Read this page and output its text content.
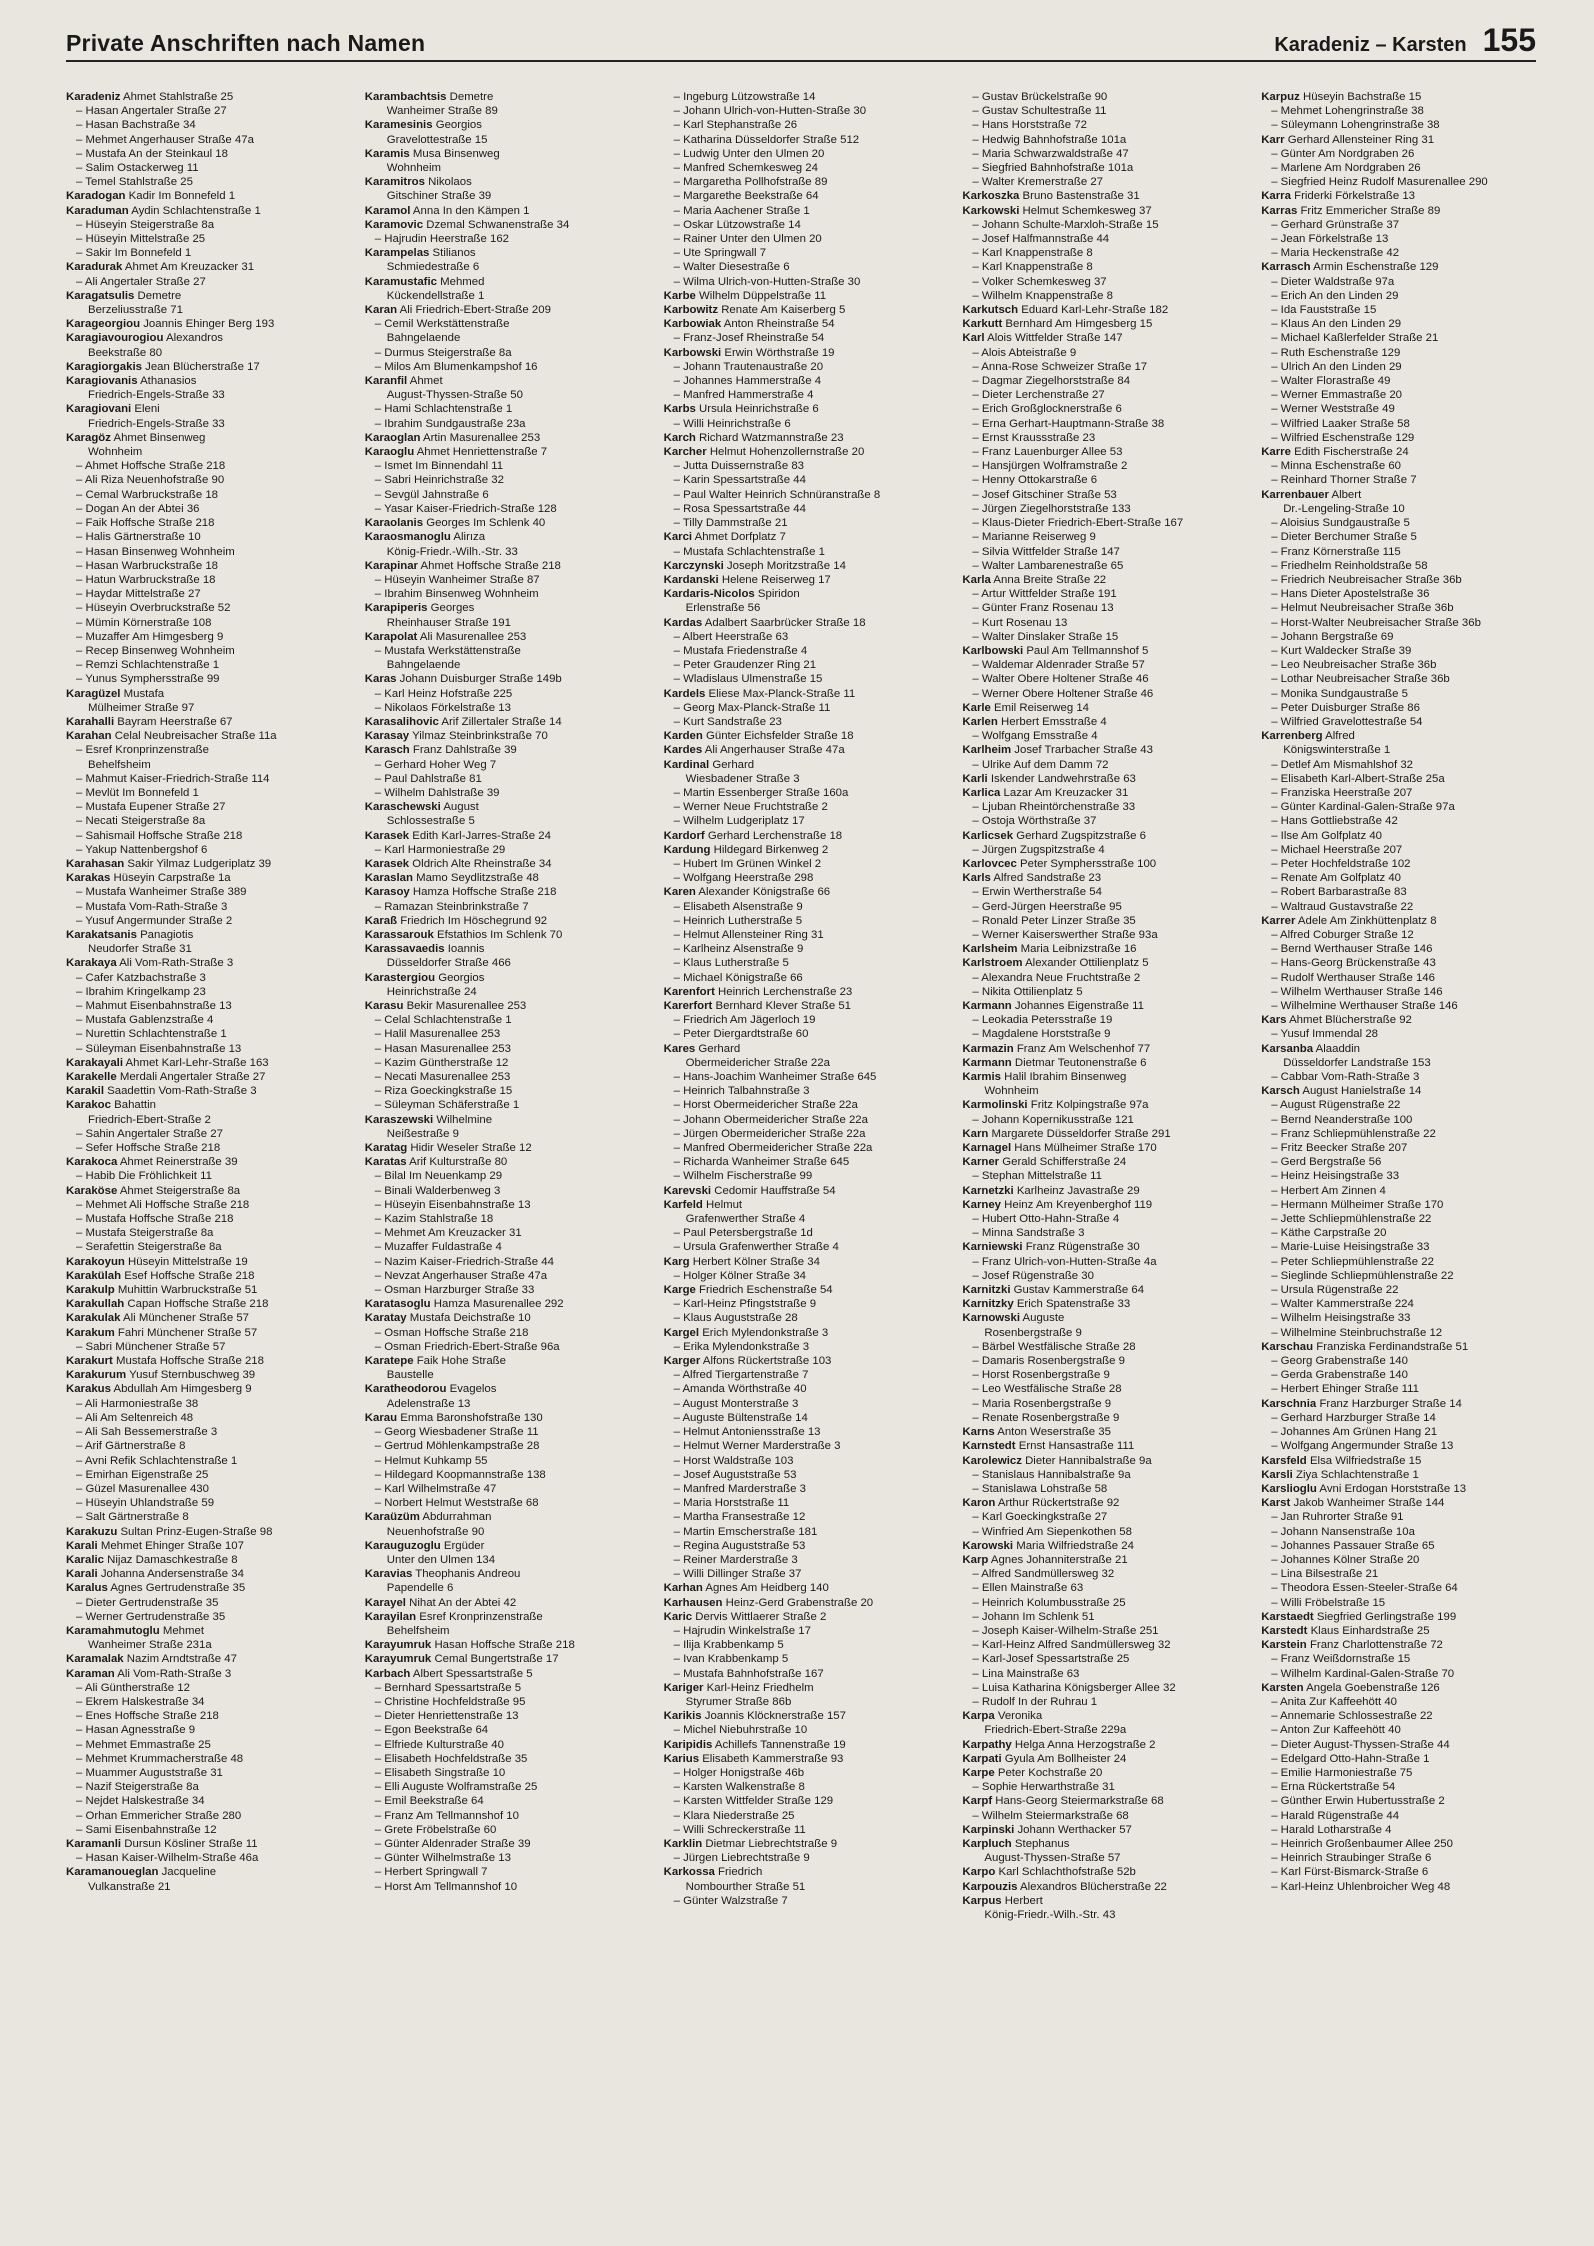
Private Anschriften nach Namen	Karadeniz – Karsten 155
Karadeniz Ahmet Stahlstraße 25
– Hasan Angertaler Straße 27
– Hasan Bachstraße 34
– Mehmet Angerhauser Straße 47a
– Mustafa An der Steinkaul 18
– Salim Ostackerweg 11
– Temel Stahlstraße 25
Karadogan Kadir Im Bonnefeld 1
Karaduman Aydin Schlachtenstraße 1
– Hüseyin Steigerstraße 8a
– Hüseyin Mittelstraße 25
– Sakir Im Bonnefeld 1
Karadurak Ahmet Am Kreuzacker 31
– Ali Angertaler Straße 27
Karagatsulis Demetre
Berzeliusstraße 71
Karageorgiou Joannis Ehinger Berg 193
Karagiavourogiou Alexandros
Beekstraße 80
Karagiorgakis Jean Blücherstraße 17
Karagiovanis Athanasios
Friedrich-Engels-Straße 33
Karagiovani Eleni
Friedrich-Engels-Straße 33
Karagöz Ahmet Binsenweg
Wohnheim
– Ahmet Hoffsche Straße 218
– Ali Riza Neuenhofstraße 90
– Cemal Warbruckstraße 18
– Dogan An der Abtei 36
– Faik Hoffsche Straße 218
– Halis Gärtnerstraße 10
– Hasan Binsenweg Wohnheim
– Hasan Warbruckstraße 18
– Hatun Warbruckstraße 18
– Haydar Mittelstraße 27
– Hüseyin Overbruckstraße 52
– Mümin Körnerstraße 108
– Muzaffer Am Himgesberg 9
– Recep Binsenweg Wohnheim
– Remzi Schlachtenstraße 1
– Yunus Symphersstraße 99
Karagüzel Mustafa
Mülheimer Straße 97
Karahalli Bayram Heerstraße 67
Karahan Celal Neubreisacher Straße 11a
– Esref Kronprinzenstraße
Behelfsheim
– Mahmut Kaiser-Friedrich-Straße 114
– Mevlüt Im Bonnefeld 1
– Mustafa Eupener Straße 27
– Necati Steigerstraße 8a
– Sahismail Hoffsche Straße 218
– Yakup Nattenbergshof 6
Karahasan Sakir Yilmaz Ludgeriplatz 39
Karakas Hüseyin Carpstraße 1a
– Mustafa Wanheimer Straße 389
– Mustafa Vom-Rath-Straße 3
– Yusuf Angermunder Straße 2
Karakatsanis Panagiotis
Neudorfer Straße 31
Karakaya Ali Vom-Rath-Straße 3
– Cafer Katzbachstraße 3
– Ibrahim Kringelkamp 23
– Mahmut Eisenbahnstraße 13
– Mustafa Gablenzstraße 4
– Nurettin Schlachtenstraße 1
– Süleyman Eisenbahnstraße 13
Karakayali Ahmet Karl-Lehr-Straße 163
Karakelle Merdali Angertaler Straße 27
Karakil Saadettin Vom-Rath-Straße 3
Karakoc Bahattin
Friedrich-Ebert-Straße 2
– Sahin Angertaler Straße 27
– Sefer Hoffsche Straße 218
Karakoca Ahmet Reinerstraße 39
– Habib Die Fröhlichkeit 11
Karaköse Ahmet Steigerstraße 8a
– Mehmet Ali Hoffsche Straße 218
– Mustafa Hoffsche Straße 218
– Mustafa Steigerstraße 8a
– Serafettin Steigerstraße 8a
Karakoyun Hüseyin Mittelstraße 19
Karakülah Esef Hoffsche Straße 218
Karakulp Muhittin Warbruckstraße 51
Karakullah Capan Hoffsche Straße 218
Karakulak Ali Münchener Straße 57
Karakum Fahri Münchener Straße 57
– Sabri Münchener Straße 57
Karakurt Mustafa Hoffsche Straße 218
Karakurum Yusuf Sternbuschweg 39
Karakus Abdullah Am Himgesberg 9
– Ali Harmoniestraße 38
– Ali Am Seltenreich 48
– Ali Sah Bessemerstraße 3
– Arif Gärtnerstraße 8
– Avni Refik Schlachtenstraße 1
– Emirhan Eigenstraße 25
– Güzel Masurenallee 430
– Hüseyin Uhlandstraße 59
– Salt Gärtnerstraße 8
Karakuzu Sultan Prinz-Eugen-Straße 98
Karali Mehmet Ehinger Straße 107
Karalic Nijaz Damaschkestraße 8
Karali Johanna Andersenstraße 34
Karalus Agnes Gertrudenstraße 35
– Dieter Gertrudenstraße 35
– Werner Gertrudenstraße 35
Karamahmutoglu Mehmet
Wanheimer Straße 231a
Karamalak Nazim Arndtstraße 47
Karaman Ali Vom-Rath-Straße 3
– Ali Güntherstraße 12
– Ekrem Halskestraße 34
– Enes Hoffsche Straße 218
– Hasan Agnesstraße 9
– Mehmet Emmastraße 25
– Mehmet Krummacherstraße 48
– Muammer Auguststraße 31
– Nazif Steigerstraße 8a
– Nejdet Halskestraße 34
– Orhan Emmericher Straße 280
– Sami Eisenbahnstraße 12
Karamanli Dursun Kösliner Straße 11
– Hasan Kaiser-Wilhelm-Straße 46a
Karamanoueglan Jacqueline
Vulkanstraße 21
Karambachtsis Demetre
Wanheimer Straße 89
Karamesinis Georgios
Gravelottestraße 15
Karamis Musa Binsenweg
Wohnheim
Karamitros Nikolaos
Gitschiner Straße 39
Karamol Anna In den Kämpen 1
Karamovic Dzemal Schwanenstraße 34
– Hajrudin Heerstraße 162
Karampelas Stilianos
Schmiedestraße 6
Karamustafic Mehmed
Kückendellstraße 1
Karan Ali Friedrich-Ebert-Straße 209
– Cemil Werkstättenstraße
Bahngelaende
– Durmus Steigerstraße 8a
– Milos Am Blumenkampshof 16
Karanfil Ahmet
August-Thyssen-Straße 50
– Hami Schlachtenstraße 1
– Ibrahim Sundgaustraße 23a
Karaoglan Artin Masurenallee 253
Karaoglu Ahmet Henriettenstraße 7
– Ismet Im Binnendahl 11
– Sabri Heinrichstraße 32
– Sevgül Jahnstraße 6
– Yasar Kaiser-Friedrich-Straße 128
Karaolanis Georges Im Schlenk 40
Karaosmanoglu Alirıza
König-Friedr.-Wilh.-Str. 33
Karapinar Ahmet Hoffsche Straße 218
– Hüseyin Wanheimer Straße 87
– Ibrahim Binsenweg Wohnheim
Karapiperis Georges
Rheinhauser Straße 191
Karapolat Ali Masurenallee 253
– Mustafa Werkstättenstraße
Bahngelaende
Karas Johann Duisburger Straße 149b
– Karl Heinz Hofstraße 225
– Nikolaos Förkelstraße 13
Karasalihovic Arif Zillertaler Straße 14
Karasay Yilmaz Steinbrinkstraße 70
Karasch Franz Dahlstraße 39
– Gerhard Hoher Weg 7
– Paul Dahlstraße 81
– Wilhelm Dahlstraße 39
Karaschewski August
Schlossestraße 5
Karasek Edith Karl-Jarres-Straße 24
– Karl Harmoniestraße 29
Karasek Oldrich Alte Rheinstraße 34
Karaslan Mamo Seydlitzstraße 48
Karasoy Hamza Hoffsche Straße 218
– Ramazan Steinbrinkstraße 7
Karaß Friedrich Im Höschegrund 92
Karassarouk Efstathios Im Schlenk 70
Karassavaedis Ioannis
Düsseldorfer Straße 466
Karastergiou Georgios
Heinrichstraße 24
Karasu Bekir Masurenallee 253
– Celal Schlachtenstraße 1
– Halil Masurenallee 253
– Hasan Masurenallee 253
– Kazim Güntherstraße 12
– Necati Masurenallee 253
– Riza Goeckingkstraße 15
– Süleyman Schäferstraße 1
Karaszewski Wilhelmine
Neißestraße 9
Karatag Hidir Weseler Straße 12
Karatas Arif Kulturstraße 80
– Bilal Im Neuenkamp 29
– Binali Walderbenweg 3
– Hüseyin Eisenbahnstraße 13
– Kazim Stahlstraße 18
– Mehmet Am Kreuzacker 31
– Muzaffer Fuldastraße 4
– Nazim Kaiser-Friedrich-Straße 44
– Nevzat Angerhauser Straße 47a
– Osman Harzburger Straße 33
Karatasoglu Hamza Masurenallee 292
Karatay Mustafa Deichstraße 10
– Osman Hoffsche Straße 218
– Osman Friedrich-Ebert-Straße 96a
Karatepe Faik Hohe Straße
Baustelle
Karatheodorou Evagelos
Adelenstraße 13
Karau Emma Baronshofstraße 130
– Georg Wiesbadener Straße 11
– Gertrud Möhlenkampstraße 28
– Helmut Kuhkamp 55
– Hildegard Koopmannstraße 138
– Karl Wilhelmstraße 47
– Norbert Helmut Weststraße 68
Karaüzüm Abdurrahman
Neuenhofstraße 90
Karauguzoglu Ergüder
Unter den Ulmen 134
Karavias Theophanis Andreou
Papendelle 6
Karayel Nihat An der Abtei 42
Karayilan Esref Kronprinzenstraße
Behelfsheim
Karayumruk Hasan Hoffsche Straße 218
Karayumruk Cemal Bungertstraße 17
Karbach Albert Spessartstraße 5
– Bernhard Spessartstraße 5
– Christine Hochfeldstraße 95
– Dieter Henriettenstraße 13
– Egon Beekstraße 64
– Elfriede Kulturstraße 40
– Elisabeth Hochfeldstraße 35
– Elisabeth Singstraße 10
– Elli Auguste Wolframstraße 25
– Emil Beekstraße 64
– Franz Am Tellmannshof 10
– Grete Fröbelstraße 60
– Günter Aldenrader Straße 39
– Günter Wilhelmstraße 13
– Herbert Springwall 7
– Horst Am Tellmannshof 10
– Ingeburg Lützowstraße 14
– Johann Ulrich-von-Hutten-Straße 30
– Karl Stephanstraße 26
– Katharina Düsseldorfer Straße 512
– Ludwig Unter den Ulmen 20
– Manfred Schemkesweg 24
– Margaretha Pollhofstraße 89
– Margarethe Beekstraße 64
– Maria Aachener Straße 1
– Oskar Lützowstraße 14
– Rainer Unter den Ulmen 20
– Ute Springwall 7
– Walter Diesestraße 6
– Wilma Ulrich-von-Hutten-Straße 30
Karbe Wilhelm Düppelstraße 11
Karbowitz Renate Am Kaiserberg 5
Karbowiak Anton Rheinstraße 54
– Franz-Josef Rheinstraße 54
Karbowski Erwin Wörthstraße 19
– Johann Trautenaustraße 20
– Johannes Hammerstraße 4
– Manfred Hammerstraße 4
Karbs Ursula Heinrichstraße 6
– Willi Heinrichstraße 6
Karch Richard Watzmannstraße 23
Karcher Helmut Hohenzollernstraße 20
– Jutta Duissernstraße 83
– Karin Spessartstraße 44
– Paul Walter Heinrich Schnüranstraße 8
– Rosa Spessartstraße 44
– Tilly Dammstraße 21
Karci Ahmet Dorfplatz 7
– Mustafa Schlachtenstraße 1
Karczynski Joseph Moritzstraße 14
Kardanski Helene Reiserweg 17
Kardaris-Nicolos Spiridon
Erlenstraße 56
Kardas Adalbert Saarbrücker Straße 18
– Albert Heerstraße 63
– Mustafa Friedenstraße 4
– Peter Graudenzer Ring 21
– Wladislaus Ulmenstraße 15
Kardels Eliese Max-Planck-Straße 11
– Georg Max-Planck-Straße 11
– Kurt Sandstraße 23
Karden Günter Eichsfelder Straße 18
Kardes Ali Angerhauser Straße 47a
Kardinal Gerhard
Wiesbadener Straße 3
– Martin Essenberger Straße 160a
– Werner Neue Fruchtstraße 2
– Wilhelm Ludgeriplatz 17
Kardorf Gerhard Lerchenstraße 18
Kardung Hildegard Birkenweg 2
– Hubert Im Grünen Winkel 2
– Wolfgang Heerstraße 298
Karen Alexander Königstraße 66
– Elisabeth Alsenstraße 9
– Heinrich Lutherstraße 5
– Helmut Allensteiner Ring 31
– Karlheinz Alsenstraße 9
– Klaus Lutherstraße 5
– Michael Königstraße 66
Karenfort Heinrich Lerchenstraße 23
Karerfort Bernhard Klever Straße 51
– Friedrich Am Jägerloch 19
– Peter Diergardtstraße 60
Kares Gerhard
Obermeidericher Straße 22a
– Hans-Joachim Wanheimer Straße 645
– Heinrich Talbahnstraße 3
– Horst Obermeidericher Straße 22a
– Johann Obermeidericher Straße 22a
– Jürgen Obermeidericher Straße 22a
– Manfred Obermeidericher Straße 22a
– Richarda Wanheimer Straße 645
– Wilhelm Fischerstraße 99
Karevski Cedomir Hauffstraße 54
Karfeld Helmut
Grafenwerther Straße 4
– Paul Petersbergstraße 1d
– Ursula Grafenwerther Straße 4
Karg Herbert Kölner Straße 34
– Holger Kölner Straße 34
Karge Friedrich Eschenstraße 54
– Karl-Heinz Pfingststraße 9
– Klaus Auguststraße 28
Kargel Erich Mylendonkstraße 3
– Erika Mylendonkstraße 3
Karger Alfons Rückertstraße 103
– Alfred Tiergartenstraße 7
– Amanda Wörthstraße 40
– August Monterstraße 3
– Auguste Bültenstraße 14
– Helmut Antoniensstraße 13
– Helmut Werner Marderstraße 3
– Horst Waldstraße 103
– Josef Auguststraße 53
– Manfred Marderstraße 3
– Maria Horststraße 11
– Martha Fransestraße 12
– Martin Emscherstraße 181
– Regina Auguststraße 53
– Reiner Marderstraße 3
– Willi Dillinger Straße 37
Karhan Agnes Am Heidberg 140
Karhausen Heinz-Gerd Grabenstraße 20
Karic Dervis Wittlaerer Straße 2
– Hajrudin Winkelstraße 17
– Ilija Krabbenkamp 5
– Ivan Krabbenkamp 5
– Mustafa Bahnhofstraße 167
Kariger Karl-Heinz Friedhelm
Styrumer Straße 86b
Karikis Joannis Klöcknerstraße 157
– Michel Niebuhrstraße 10
Karipidis Achillefs Tannenstraße 19
Karius Elisabeth Kammerstraße 93
– Holger Honigstraße 46b
– Karsten Walkenstraße 8
– Karsten Wittfelder Straße 129
– Klara Niederstraße 25
– Willi Schreckerstraße 11
Karklin Dietmar Liebrechtstraße 9
– Jürgen Liebrechtstraße 9
Karkossa Friedrich
Nombourther Straße 51
– Günter Walzstraße 7
– Gustav Brückelstraße 90
– Gustav Schultestraße 11
– Hans Horststraße 72
– Hedwig Bahnhofstraße 101a
– Maria Schwarzwaldstraße 47
– Siegfried Bahnhofstraße 101a
– Walter Kremerstraße 27
Karkoszka Bruno Bastenstraße 31
Karkowski Helmut Schemkesweg 37
– Johann Schulte-Marxloh-Straße 15
– Josef Halfmannstraße 44
– Karl Knappenstraße 8
– Karl Knappenstraße 8
– Volker Schemkesweg 37
– Wilhelm Knappenstraße 8
Karkutsch Eduard Karl-Lehr-Straße 182
Karkutt Bernhard Am Himgesberg 15
Karl Alois Wittfelder Straße 147
– Alois Abteistraße 9
– Anna-Rose Schweizer Straße 17
– Dagmar Ziegelhorststraße 84
– Dieter Lerchenstraße 27
– Erich Großglocknerstraße 6
– Erna Gerhart-Hauptmann-Straße 38
– Ernst Kraussstraße 23
– Franz Lauenburger Allee 53
– Hansjürgen Wolframstraße 2
– Henny Ottokarstraße 6
– Josef Gitschiner Straße 53
– Jürgen Ziegelhorststraße 133
– Klaus-Dieter Friedrich-Ebert-Straße 167
– Marianne Reiserweg 9
– Silvia Wittfelder Straße 147
– Walter Lambarenestraße 65
Karla Anna Breite Straße 22
– Artur Wittfelder Straße 191
– Günter Franz Rosenau 13
– Kurt Rosenau 13
– Walter Dinslaker Straße 15
Karlbowski Paul Am Tellmannshof 5
– Waldemar Aldenrader Straße 57
– Walter Obere Holtener Straße 46
– Werner Obere Holtener Straße 46
Karle Emil Reiserweg 14
Karlen Herbert Emsstraße 4
– Wolfgang Emsstraße 4
Karlheim Josef Trarbacher Straße 43
– Ulrike Auf dem Damm 72
Karli Iskender Landwehrstraße 63
Karlica Lazar Am Kreuzacker 31
– Ljuban Rheintörchenstraße 33
– Ostoja Wörthstraße 37
Karlicsek Gerhard Zugspitzstraße 6
– Jürgen Zugspitzstraße 4
Karlovcec Peter Symphersstraße 100
Karls Alfred Sandstraße 23
– Erwin Wertherstraße 54
– Gerd-Jürgen Heerstraße 95
– Ronald Peter Linzer Straße 35
– Werner Kaiserswerther Straße 93a
Karlsheim Maria Leibnizstraße 16
Karlstroem Alexander Ottilienplatz 5
– Alexandra Neue Fruchtstraße 2
– Nikita Ottilienplatz 5
Karmann Johannes Eigenstraße 11
– Leokadia Petersstraße 19
– Magdalene Horststraße 9
Karmazin Franz Am Welschenhof 77
Karmann Dietmar Teutonenstraße 6
Karmis Halil Ibrahim Binsenweg
Wohnheim
Karmolinski Fritz Kolpingstraße 97a
– Johann Kopernikusstraße 121
Karn Margarete Düsseldorfer Straße 291
Karnagel Hans Mülheimer Straße 170
Karner Gerald Schifferstraße 24
– Stephan Mittelstraße 11
Karnetzki Karlheinz Javastraße 29
Karney Heinz Am Kreyenberghof 119
– Hubert Otto-Hahn-Straße 4
– Minna Sandstraße 3
Karniewski Franz Rügenstraße 30
– Franz Ulrich-von-Hutten-Straße 4a
– Josef Rügenstraße 30
Karnitzki Gustav Kammerstraße 64
Karnitzky Erich Spatenstraße 33
Karnowski Auguste
Rosenbergstraße 9
– Bärbel Westfälische Straße 28
– Damaris Rosenbergstraße 9
– Horst Rosenbergstraße 9
– Leo Westfälische Straße 28
– Maria Rosenbergstraße 9
– Renate Rosenbergstraße 9
Karns Anton Weserstraße 35
Karnstedt Ernst Hansastraße 111
Karolewicz Dieter Hannibalstraße 9a
– Stanislaus Hannibalstraße 9a
– Stanislawa Lohstraße 58
Karon Arthur Rückertstraße 92
– Karl Goeckingkstraße 27
– Winfried Am Siepenkothen 58
Karowski Maria Wilfriedstraße 24
Karp Agnes Johanniterstraße 21
– Alfred Sandmüllersweg 32
– Ellen Mainstraße 63
– Heinrich Kolumbusstraße 25
– Johann Im Schlenk 51
– Joseph Kaiser-Wilhelm-Straße 251
– Karl-Heinz Alfred Sandmüllersweg 32
– Karl-Josef Spessartstraße 25
– Lina Mainstraße 63
– Luisa Katharina Königsberger Allee 32
– Rudolf In der Ruhrau 1
Karpa Veronika
Friedrich-Ebert-Straße 229a
Karpathy Helga Anna Herzogstraße 2
Karpati Gyula Am Bollheister 24
Karpe Peter Kochstraße 20
– Sophie Herwarthstraße 31
Karpf Hans-Georg Steiermarkstraße 68
– Wilhelm Steiermarkstraße 68
Karpinski Johann Werthacker 57
Karpluch Stephanus
August-Thyssen-Straße 57
Karpo Karl Schlachthofstraße 52b
Karpouzis Alexandros Blücherstraße 22
Karpus Herbert
König-Friedr.-Wilh.-Str. 43
Karpuz Hüseyin Bachstraße 15
– Mehmet Lohengrinstraße 38
– Süleymann Lohengrinstraße 38
Karr Gerhard Allensteiner Ring 31
– Günter Am Nordgraben 26
– Marlene Am Nordgraben 26
– Siegfried Heinz Rudolf Masurenallee 290
Karra Friderki Förkelstraße 13
Karras Fritz Emmericher Straße 89
– Gerhard Grünstraße 37
– Jean Förkelstraße 13
– Maria Heckenstraße 42
Karrasch Armin Eschenstraße 129
– Dieter Waldstraße 97a
– Erich An den Linden 29
– Ida Fauststraße 15
– Klaus An den Linden 29
– Michael Kaßlerfelder Straße 21
– Ruth Eschenstraße 129
– Ulrich An den Linden 29
– Walter Florastraße 49
– Werner Emmastraße 20
– Werner Weststraße 49
– Wilfried Laaker Straße 58
– Wilfried Eschenstraße 129
Karre Edith Fischerstraße 24
– Minna Eschenstraße 60
– Reinhard Thorner Straße 7
Karrenbauer Albert
Dr.-Lengeling-Straße 10
– Aloisius Sundgaustraße 5
– Dieter Berchumer Straße 5
– Franz Körnerstraße 115
– Friedhelm Reinholdstraße 58
– Friedrich Neubreisacher Straße 36b
– Hans Dieter Apostelstraße 36
– Helmut Neubreisacher Straße 36b
– Horst-Walter Neubreisacher Straße 36b
– Johann Bergstraße 69
– Kurt Waldecker Straße 39
– Leo Neubreisacher Straße 36b
– Lothar Neubreisacher Straße 36b
– Monika Sundgaustraße 5
– Peter Duisburger Straße 86
– Wilfried Gravelottestraße 54
Karrenberg Alfred
Königswinterstraße 1
– Detlef Am Mismahlshof 32
– Elisabeth Karl-Albert-Straße 25a
– Franziska Heerstraße 207
– Günter Kardinal-Galen-Straße 97a
– Hans Gottliebstraße 42
– Ilse Am Golfplatz 40
– Michael Heerstraße 207
– Peter Hochfeldstraße 102
– Renate Am Golfplatz 40
– Robert Barbarastraße 83
– Waltraud Gustavstraße 22
Karrer Adele Am Zinkhüttenplatz 8
– Alfred Coburger Straße 12
– Bernd Werthauser Straße 146
– Hans-Georg Brückenstraße 43
– Rudolf Werthauser Straße 146
– Wilhelm Werthauser Straße 146
– Wilhelmine Werthauser Straße 146
Kars Ahmet Blücherstraße 92
– Yusuf Immendal 28
Karsanba Alaaddin
Düsseldorfer Landstraße 153
– Cabbar Vom-Rath-Straße 3
Karsch August Hanielstraße 14
– August Rügenstraße 22
– Bernd Neanderstraße 100
– Franz Schliepmühlenstraße 22
– Fritz Beecker Straße 207
– Gerd Bergstraße 56
– Heinz Heisingstraße 33
– Herbert Am Zinnen 4
– Hermann Mülheimer Straße 170
– Jette Schliepmühlenstraße 22
– Käthe Carpstraße 20
– Marie-Luise Heisingstraße 33
– Peter Schliepmühlenstraße 22
– Sieglinde Schliepmühlenstraße 22
– Ursula Rügenstraße 22
– Walter Kammerstraße 224
– Wilhelm Heisingstraße 33
– Wilhelmine Steinbruchstraße 12
Karschau Franziska Ferdinandstraße 51
– Georg Grabenstraße 140
– Gerda Grabenstraße 140
– Herbert Ehinger Straße 111
Karschnia Franz Harzburger Straße 14
– Gerhard Harzburger Straße 14
– Johannes Am Grünen Hang 21
– Wolfgang Angermunder Straße 13
Karsfeld Elsa Wilfriedstraße 15
Karsli Ziya Schlachtenstraße 1
Karslioglu Avni Erdogan Horststraße 13
Karst Jakob Wanheimer Straße 144
– Jan Ruhrorter Straße 91
– Johann Nansenstraße 10a
– Johannes Passauer Straße 65
– Johannes Kölner Straße 20
– Lina Bilsestraße 21
– Theodora Essen-Steeler-Straße 64
– Willi Fröbelstraße 15
Karstaedt Siegfried Gerlingstraße 199
Karstedt Klaus Einhardstraße 25
Karstein Franz Charlottenstraße 72
– Franz Weißdornstraße 15
– Wilhelm Kardinal-Galen-Straße 70
Karsten Angela Goebenstraße 126
– Anita Zur Kaffeehött 40
– Annemarie Schlossestraße 22
– Anton Zur Kaffeehött 40
– Dieter August-Thyssen-Straße 44
– Edelgard Otto-Hahn-Straße 1
– Emilie Harmoniestraße 75
– Erna Rückertstraße 54
– Günther Erwin Hubertusstraße 2
– Harald Rügenstraße 44
– Harald Lotharstraße 4
– Heinrich Großenbaumer Allee 250
– Heinrich Straubinger Straße 6
– Karl Fürst-Bismarck-Straße 6
– Karl-Heinz Uhlenbroicher Weg 48
